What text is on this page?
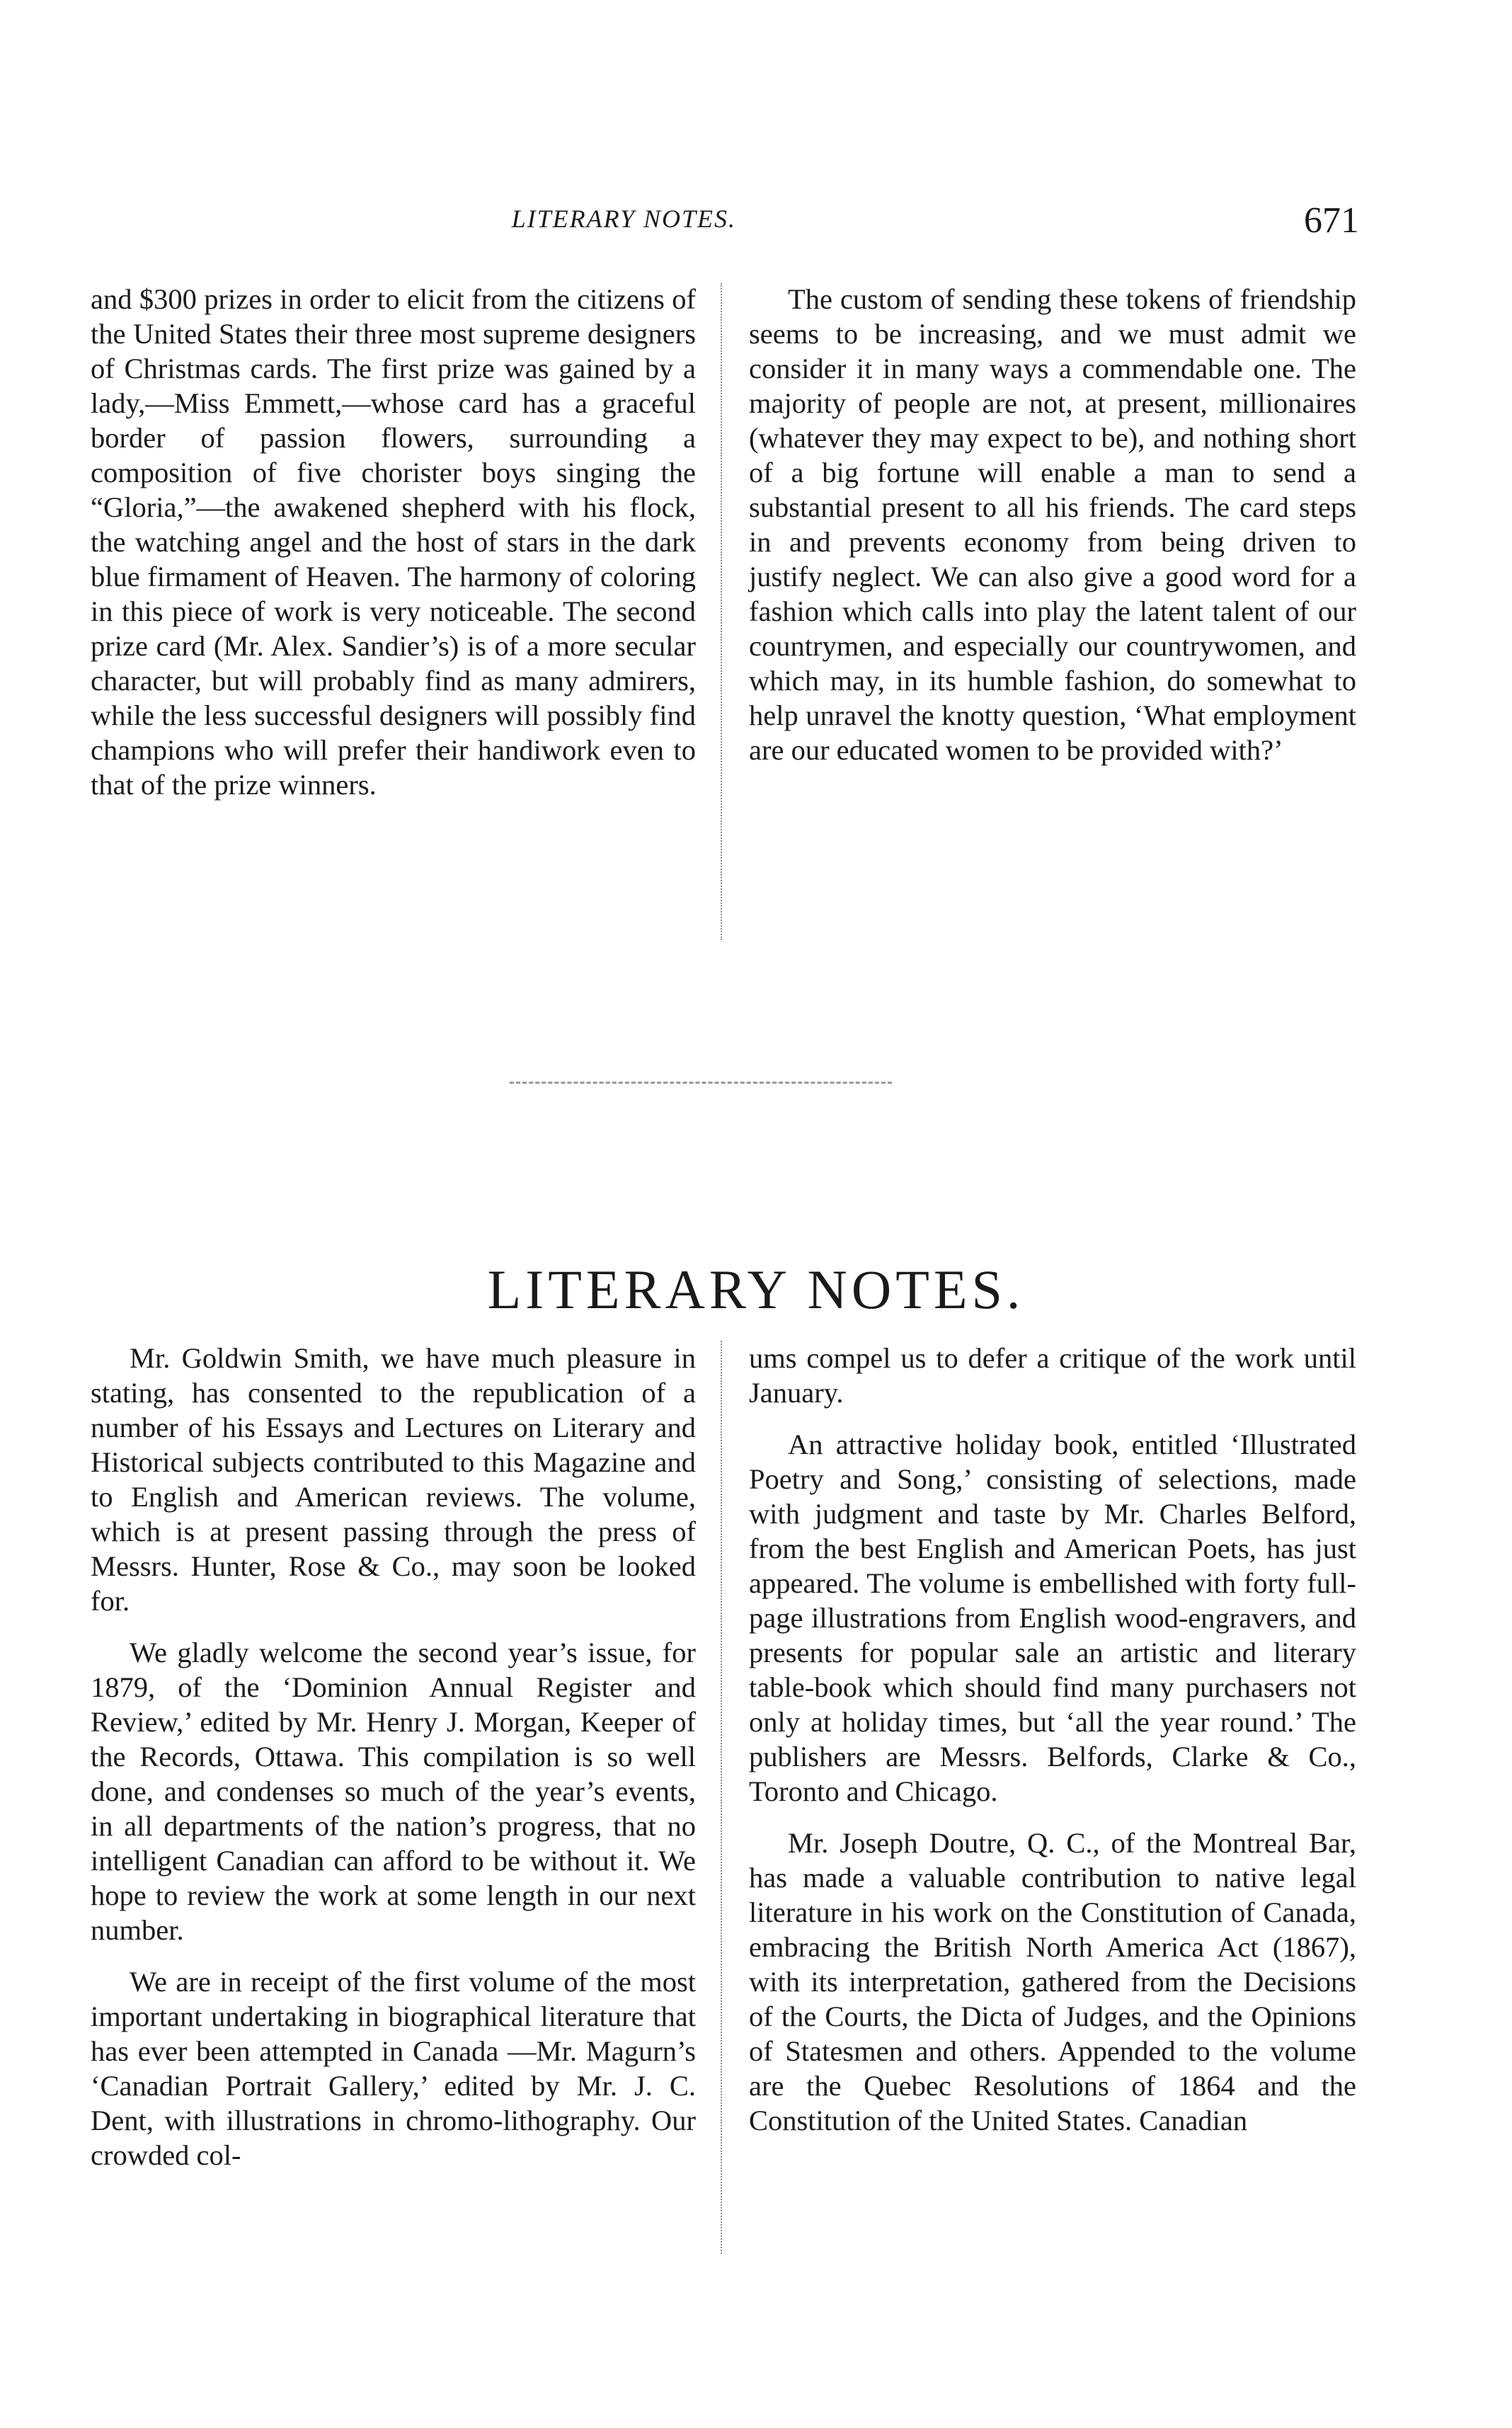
LITERARY NOTES.	671

and $300 prizes in order to elicit from the citizens of the United States their three most supreme designers of Christmas cards. The first prize was gained by a lady,—Miss Emmett,—whose card has a graceful border of passion flowers, surrounding a composition of five chorister boys singing the “Gloria,”—the awakened shepherd with his flock, the watching angel and the host of stars in the dark blue firmament of Heaven. The harmony of coloring in this piece of work is very noticeable. The second prize card (Mr. Alex. Sandier’s) is of a more secular character, but will probably find as many admirers, while the less successful designers will possibly find champions who will prefer their handiwork even to that of the prize winners.

The custom of sending these tokens of friendship seems to be increasing, and we must admit we consider it in many ways a commendable one. The majority of people are not, at present, millionaires (whatever they may expect to be), and nothing short of a big fortune will enable a man to send a substantial present to all his friends. The card steps in and prevents economy from being driven to justify neglect. We can also give a good word for a fashion which calls into play the latent talent of our countrymen, and especially our countrywomen, and which may, in its humble fashion, do somewhat to help unravel the knotty question, ‘What employment are our educated women to be provided with?’

LITERARY NOTES.

Mr. Goldwin Smith, we have much pleasure in stating, has consented to the republication of a number of his Essays and Lectures on Literary and Historical subjects contributed to this Magazine and to English and American reviews. The volume, which is at present passing through the press of Messrs. Hunter, Rose & Co., may soon be looked for.

We gladly welcome the second year’s issue, for 1879, of the ‘Dominion Annual Register and Review,’ edited by Mr. Henry J. Morgan, Keeper of the Records, Ottawa. This compilation is so well done, and condenses so much of the year’s events, in all departments of the nation’s progress, that no intelligent Canadian can afford to be without it. We hope to review the work at some length in our next number.

We are in receipt of the first volume of the most important undertaking in biographical literature that has ever been attempted in Canada —Mr. Magurn’s ‘Canadian Portrait Gallery,’ edited by Mr. J. C. Dent, with illustrations in chromo-lithography. Our crowded col-

ums compel us to defer a critique of the work until January.

An attractive holiday book, entitled ‘Illustrated Poetry and Song,’ consisting of selections, made with judgment and taste by Mr. Charles Belford, from the best English and American Poets, has just appeared. The volume is embellished with forty full-page illustrations from English wood-engravers, and presents for popular sale an artistic and literary table-book which should find many purchasers not only at holiday times, but ‘all the year round.’ The publishers are Messrs. Belfords, Clarke & Co., Toronto and Chicago.

Mr. Joseph Doutre, Q. C., of the Montreal Bar, has made a valuable contribution to native legal literature in his work on the Constitution of Canada, embracing the British North America Act (1867), with its interpretation, gathered from the Decisions of the Courts, the Dicta of Judges, and the Opinions of Statesmen and others. Appended to the volume are the Quebec Resolutions of 1864 and the Constitution of the United States. Canadian
